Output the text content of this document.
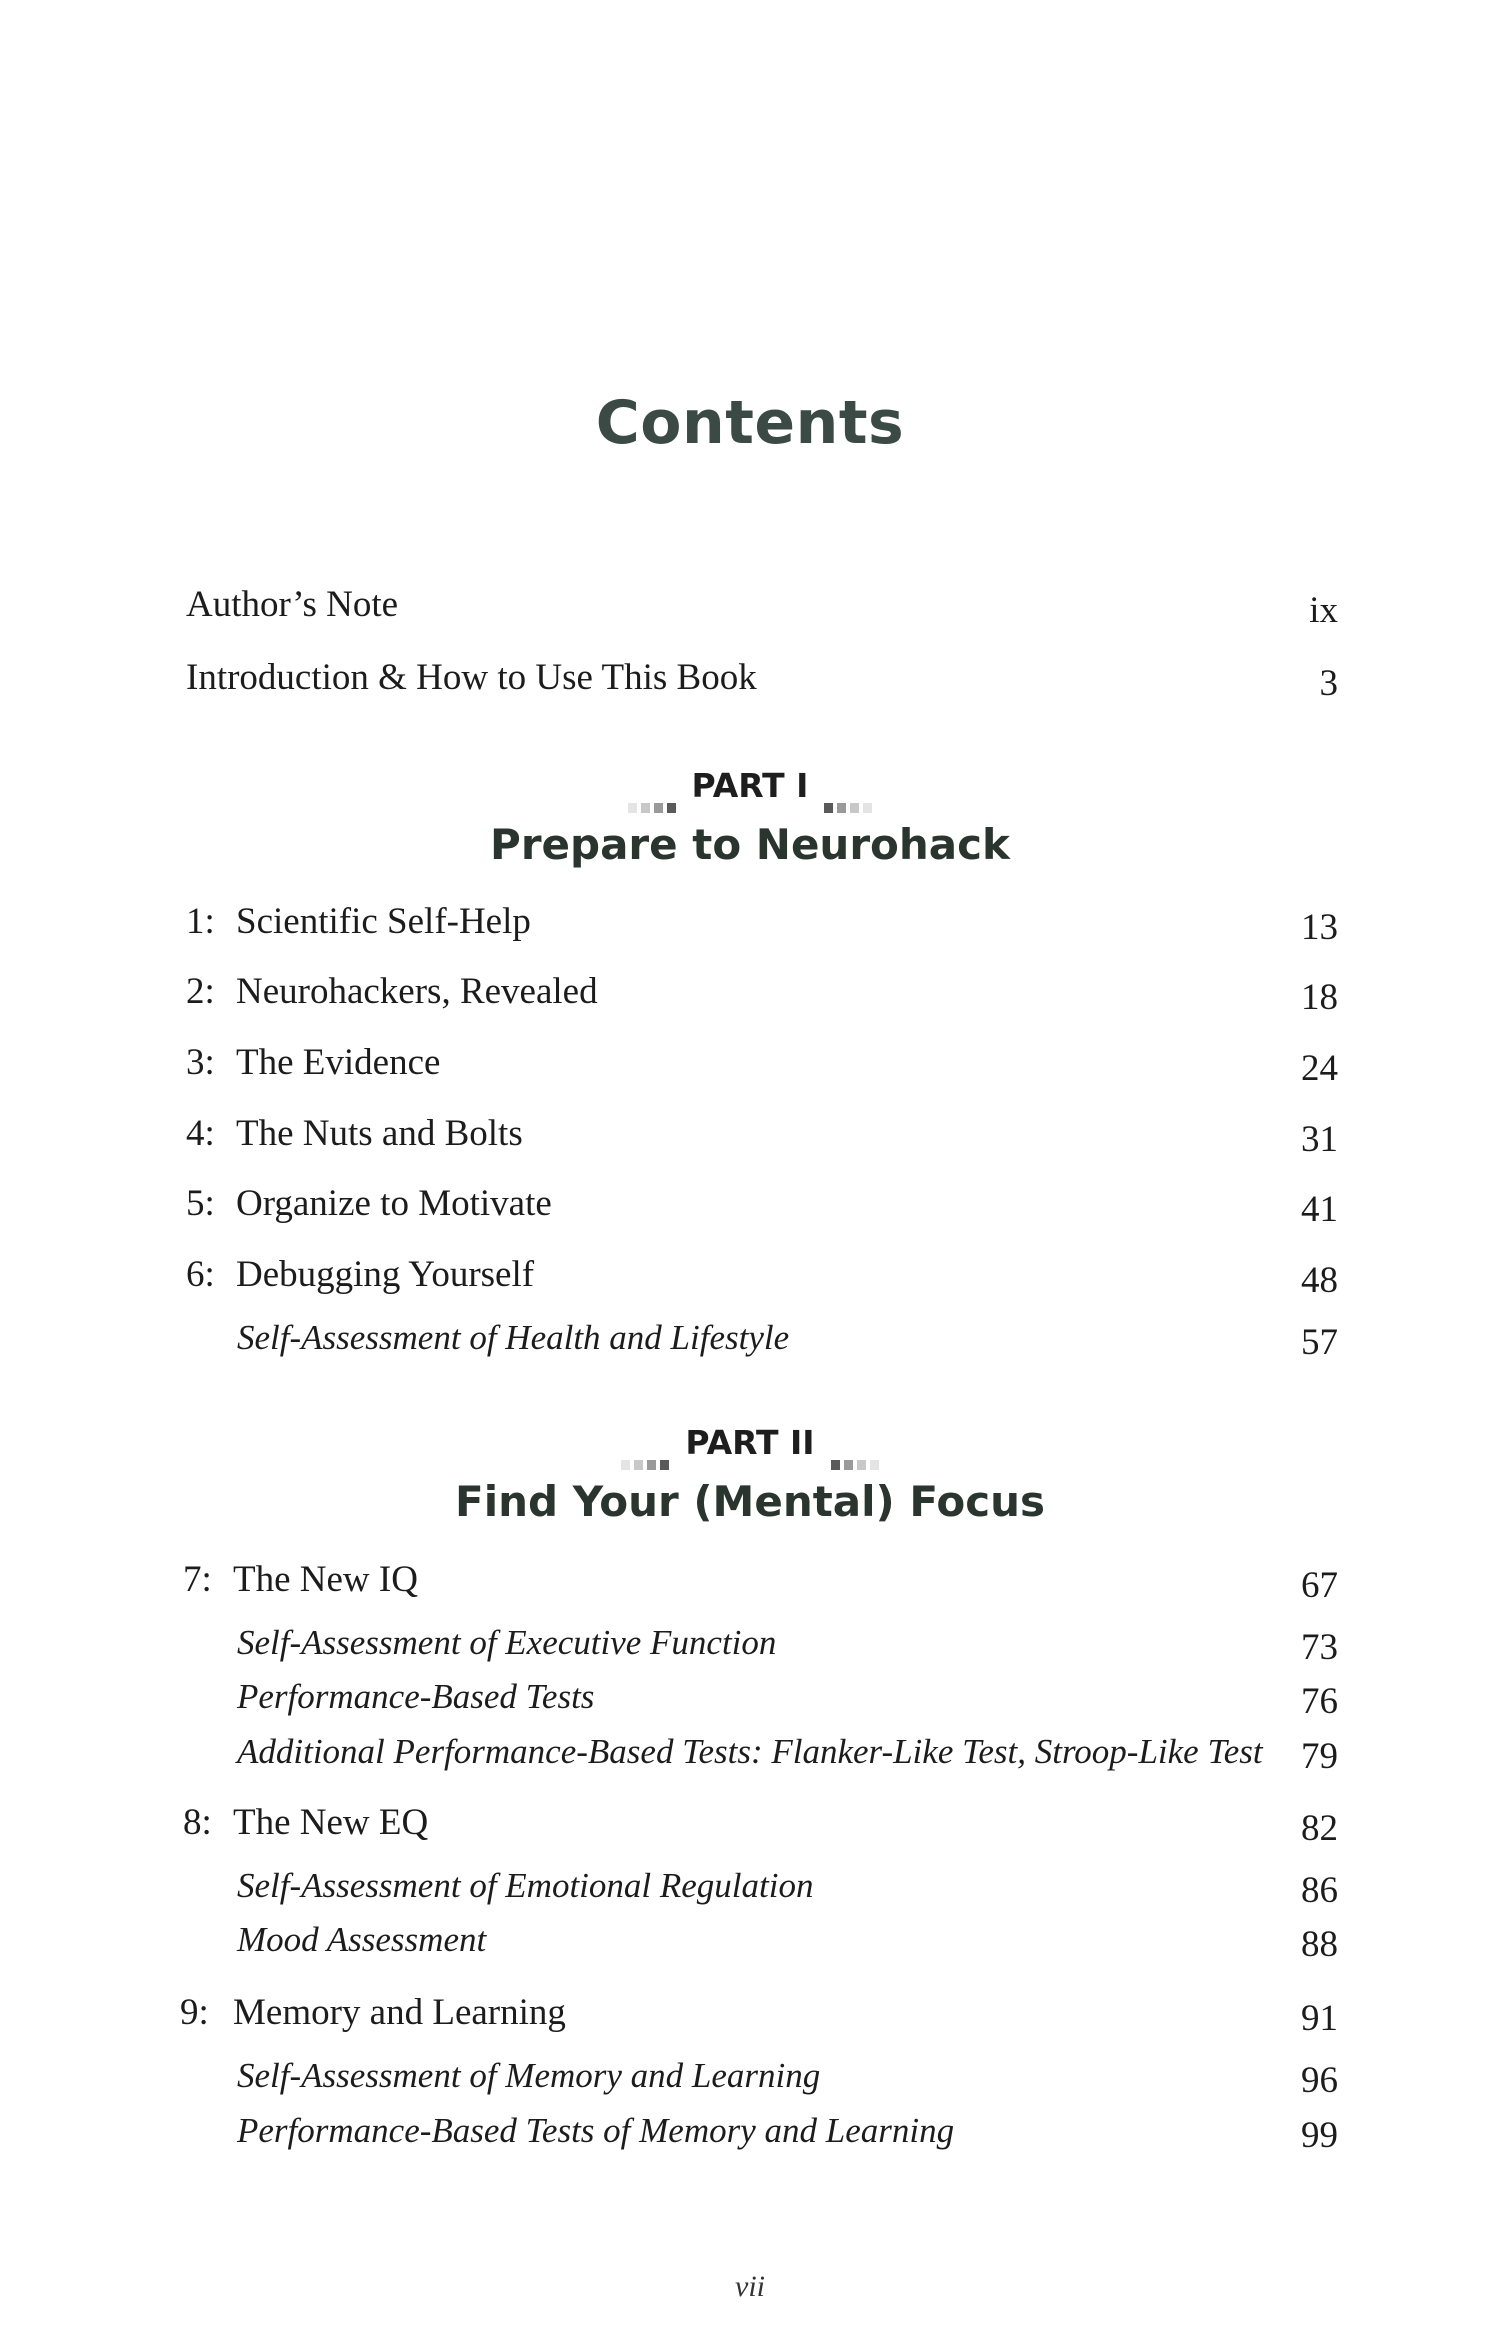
Contents
Author’s Note	ix
Introduction & How to Use This Book	3
PART I
Prepare to Neurohack
1: Scientific Self-Help	13
2: Neurohackers, Revealed	18
3: The Evidence	24
4: The Nuts and Bolts	31
5: Organize to Motivate	41
6: Debugging Yourself	48
Self-Assessment of Health and Lifestyle	57
PART II
Find Your (Mental) Focus
7: The New IQ	67
Self-Assessment of Executive Function	73
Performance-Based Tests	76
Additional Performance-Based Tests: Flanker-Like Test, Stroop-Like Test 79
8: The New EQ	82
Self-Assessment of Emotional Regulation	86
Mood Assessment	88
9: Memory and Learning	91
Self-Assessment of Memory and Learning	96
Performance-Based Tests of Memory and Learning	99
vii
